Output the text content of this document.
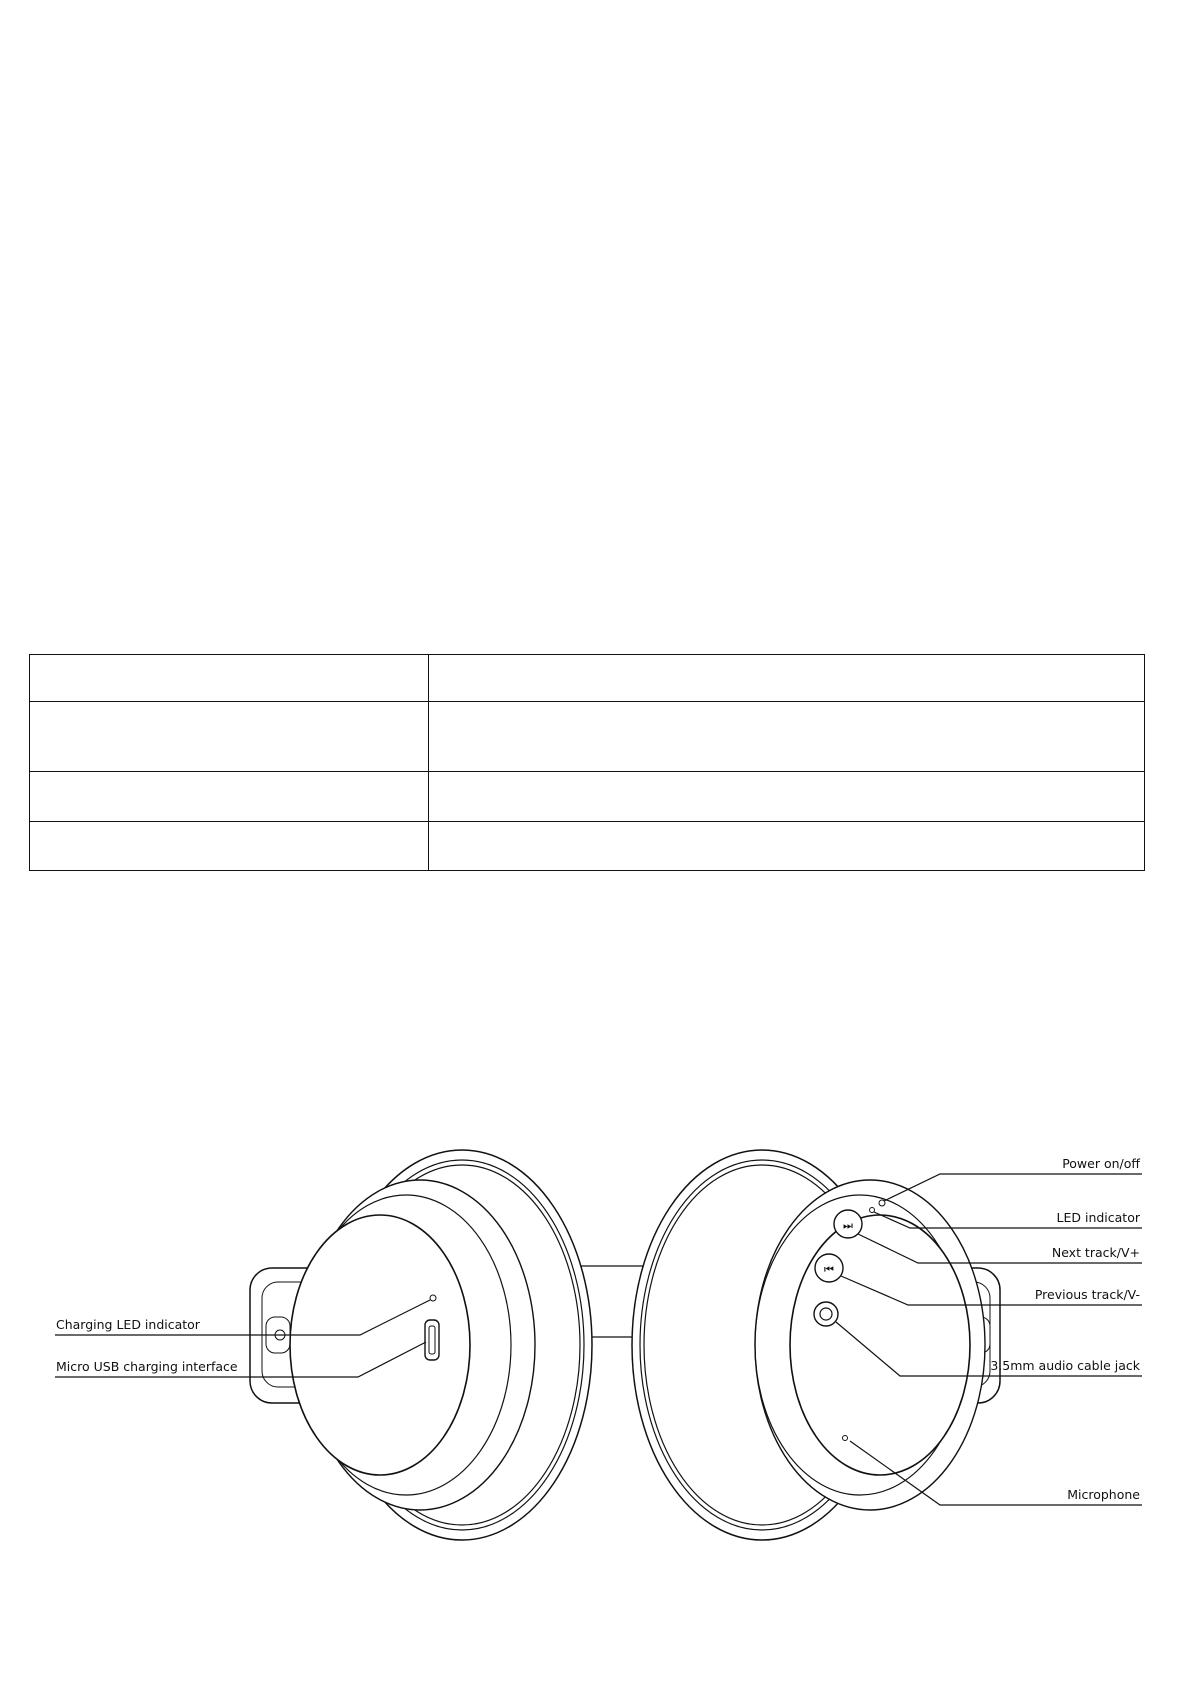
⏭
⏮
Charging LED indicator
Micro USB charging interface
Power on/off
LED indicator
Next track/V+
Previous track/V-
3.5mm audio cable jack
Microphone
